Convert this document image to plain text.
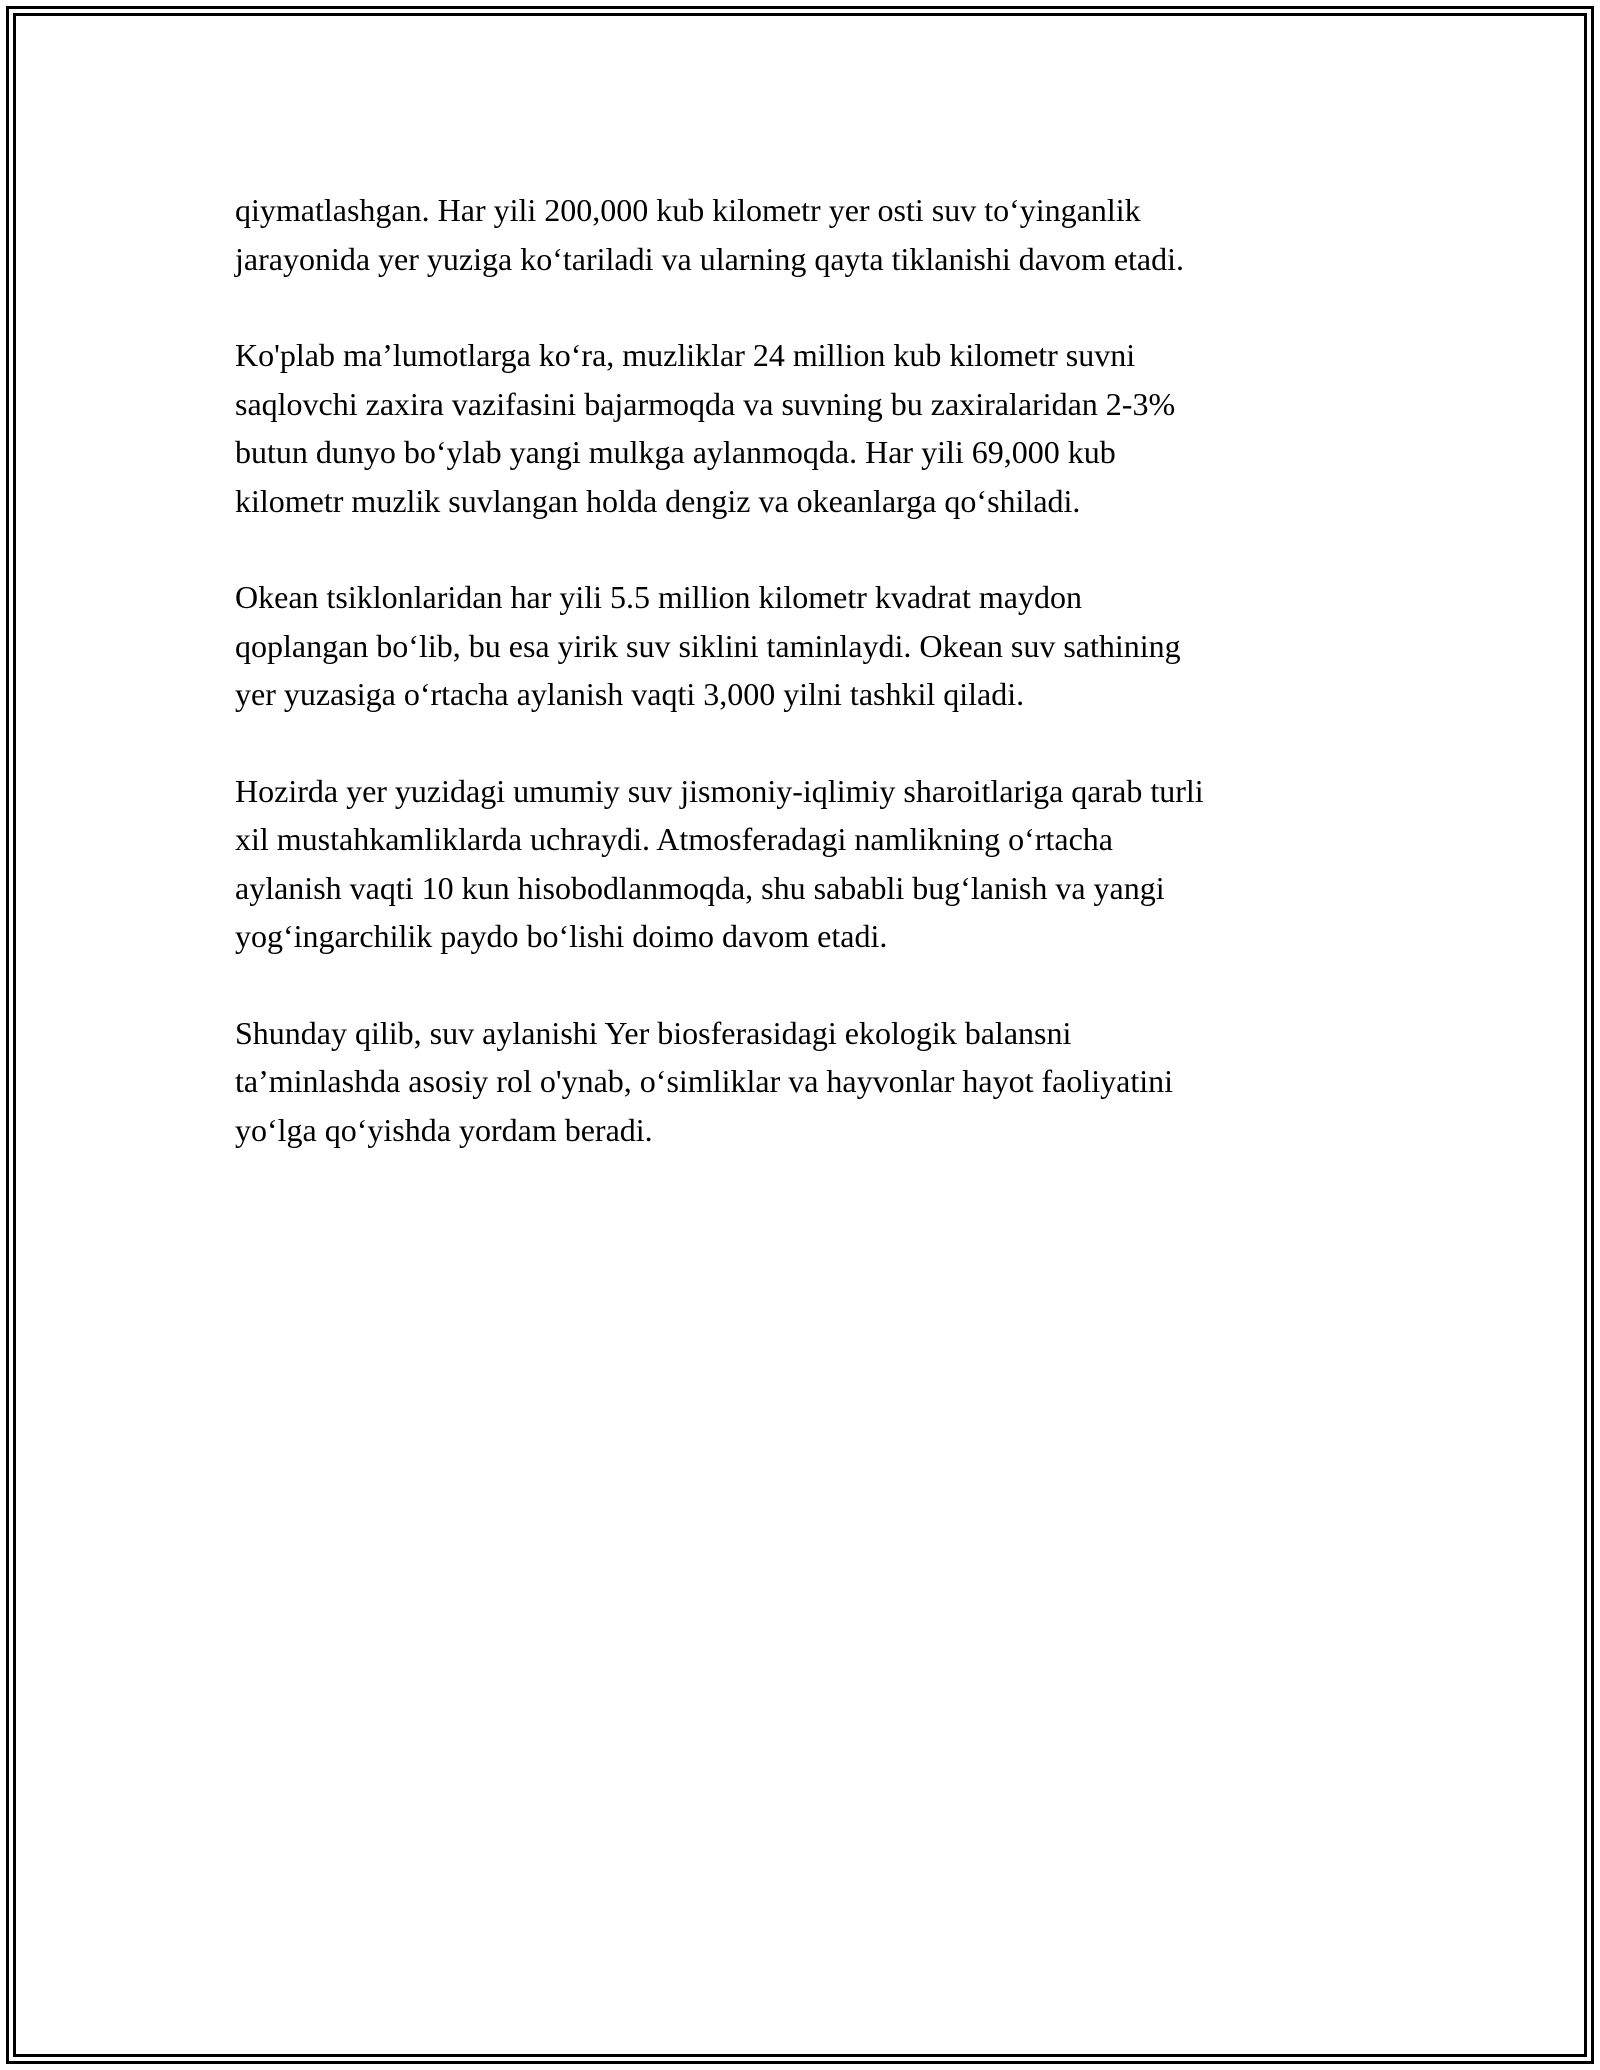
qiymatlashgan. Har yili 200,000 kub kilometr yer osti suv to‘yinganlik
jarayonida yer yuziga ko‘tariladi va ularning qayta tiklanishi davom etadi.

Ko'plab ma’lumotlarga ko‘ra, muzliklar 24 million kub kilometr suvni
saqlovchi zaxira vazifasini bajarmoqda va suvning bu zaxiralaridan 2-3%
butun dunyo bo‘ylab yangi mulkga aylanmoqda. Har yili 69,000 kub
kilometr muzlik suvlangan holda dengiz va okeanlarga qo‘shiladi.

Okean tsiklonlaridan har yili 5.5 million kilometr kvadrat maydon
qoplangan bo‘lib, bu esa yirik suv siklini taminlaydi. Okean suv sathining
yer yuzasiga o‘rtacha aylanish vaqti 3,000 yilni tashkil qiladi.

Hozirda yer yuzidagi umumiy suv jismoniy-iqlimiy sharoitlariga qarab turli
xil mustahkamliklarda uchraydi. Atmosferadagi namlikning o‘rtacha
aylanish vaqti 10 kun hisobodlanmoqda, shu sababli bug‘lanish va yangi
yog‘ingarchilik paydo bo‘lishi doimo davom etadi.

Shunday qilib, suv aylanishi Yer biosferasidagi ekologik balansni
ta’minlashda asosiy rol o'ynab, o‘simliklar va hayvonlar hayot faoliyatini
yo‘lga qo‘yishda yordam beradi.
